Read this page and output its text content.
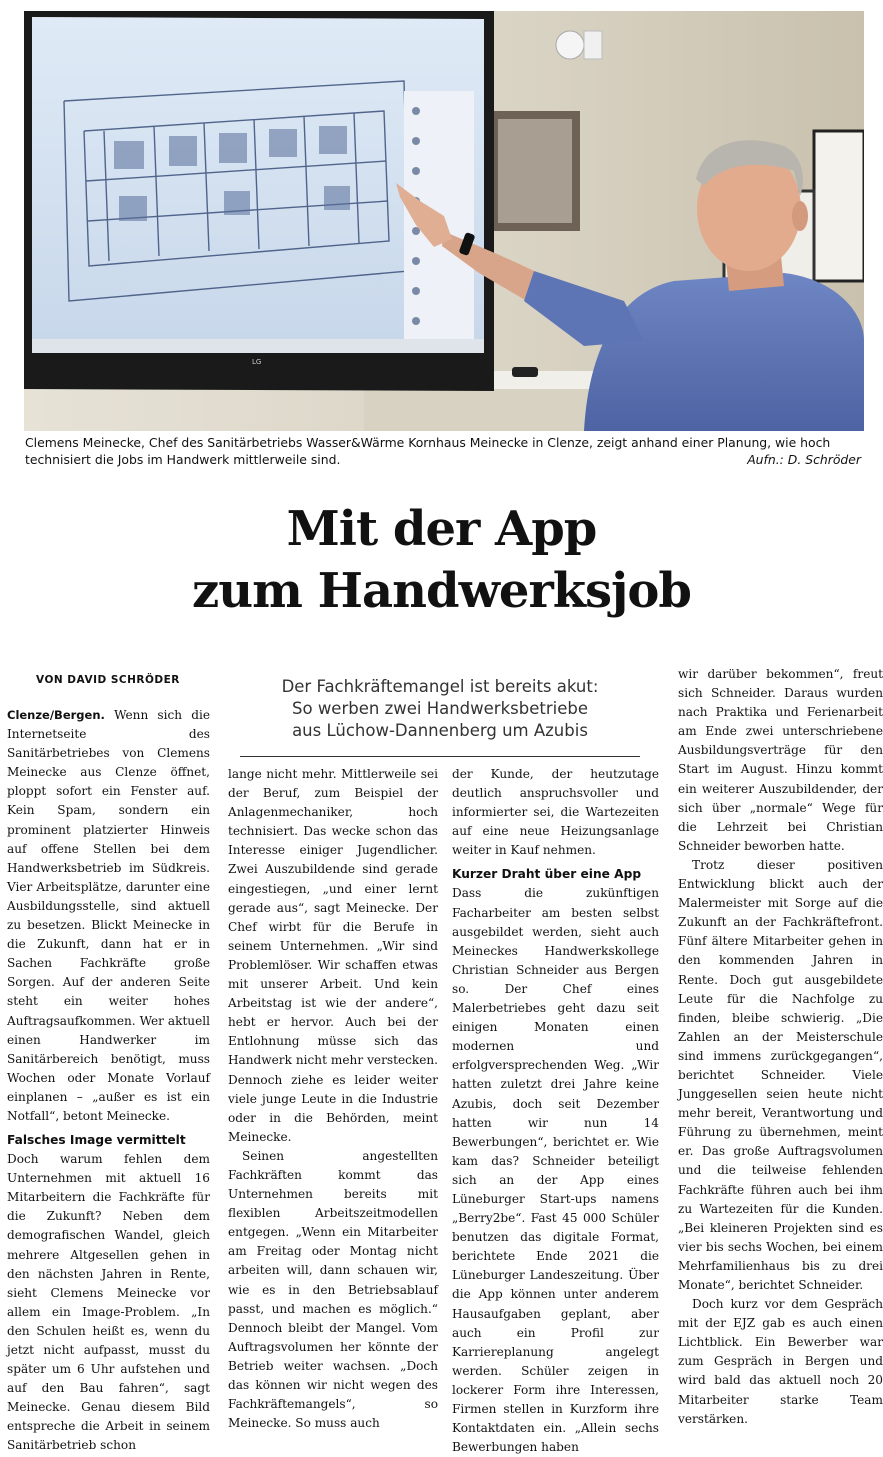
LG
Clemens Meinecke, Chef des Sanitärbetriebs Wasser&Wärme Kornhaus Meinecke in Clenze, zeigt anhand einer Planung, wie hoch technisiert die Jobs im Handwerk mittlerweile sind.	Aufn.: D. Schröder
Mit der App
zum Handwerksjob
VON DAVID SCHRÖDER	Der Fachkräftemangel ist bereits akut:
So werben zwei Handwerksbetriebe
aus Lüchow-Dannenberg um Azubis

Clenze/Bergen. Wenn sich die Internetseite des Sanitärbetriebes von Clemens Meinecke aus Clenze öffnet, ploppt sofort ein Fenster auf. Kein Spam, sondern ein prominent platzierter Hinweis auf offene Stellen bei dem Handwerksbetrieb im Südkreis. Vier Arbeitsplätze, darunter eine Ausbildungsstelle, sind aktuell zu besetzen. Blickt Meinecke in die Zukunft, dann hat er in Sachen Fachkräfte große Sorgen. Auf der anderen Seite steht ein weiter hohes Auftragsaufkommen. Wer aktuell einen Handwerker im Sanitärbereich benötigt, muss Wochen oder Monate Vorlauf einplanen – „außer es ist ein Notfall“, betont Meinecke.

Falsches Image vermittelt

Doch warum fehlen dem Unternehmen mit aktuell 16 Mitarbeitern die Fachkräfte für die Zukunft? Neben dem demografischen Wandel, gleich mehrere Altgesellen gehen in den nächsten Jahren in Rente, sieht Clemens Meinecke vor allem ein Image-Problem. „In den Schulen heißt es, wenn du jetzt nicht aufpasst, musst du später um 6 Uhr aufstehen und auf den Bau fahren“, sagt Meinecke. Genau diesem Bild entspreche die Arbeit in seinem Sanitärbetrieb schon

lange nicht mehr. Mittlerweile sei der Beruf, zum Beispiel der Anlagenmechaniker, hoch technisiert. Das wecke schon das Interesse einiger Jugendlicher. Zwei Auszubildende sind gerade eingestiegen, „und einer lernt gerade aus“, sagt Meinecke. Der Chef wirbt für die Berufe in seinem Unternehmen. „Wir sind Problemlöser. Wir schaffen etwas mit unserer Arbeit. Und kein Arbeitstag ist wie der andere“, hebt er hervor. Auch bei der Entlohnung müsse sich das Handwerk nicht mehr verstecken. Dennoch ziehe es leider weiter viele junge Leute in die Industrie oder in die Behörden, meint Meinecke.

Seinen angestellten Fachkräften kommt das Unternehmen bereits mit flexiblen Arbeitszeitmodellen entgegen. „Wenn ein Mitarbeiter am Freitag oder Montag nicht arbeiten will, dann schauen wir, wie es in den Betriebsablauf passt, und machen es möglich.“ Dennoch bleibt der Mangel. Vom Auftragsvolumen her könnte der Betrieb weiter wachsen. „Doch das können wir nicht wegen des Fachkräftemangels“, so Meinecke. So muss auch

der Kunde, der heutzutage deutlich anspruchsvoller und informierter sei, die Wartezeiten auf eine neue Heizungsanlage weiter in Kauf nehmen.

Kurzer Draht über eine App

Dass die zukünftigen Facharbeiter am besten selbst ausgebildet werden, sieht auch Meineckes Handwerkskollege Christian Schneider aus Bergen so. Der Chef eines Malerbetriebes geht dazu seit einigen Monaten einen modernen und erfolgversprechenden Weg. „Wir hatten zuletzt drei Jahre keine Azubis, doch seit Dezember hatten wir nun 14 Bewerbungen“, berichtet er. Wie kam das? Schneider beteiligt sich an der App eines Lüneburger Start-ups namens „Berry2be“. Fast 45 000 Schüler benutzen das digitale Format, berichtete Ende 2021 die Lüneburger Landeszeitung. Über die App können unter anderem Hausaufgaben geplant, aber auch ein Profil zur Karriereplanung angelegt werden. Schüler zeigen in lockerer Form ihre Interessen, Firmen stellen in Kurzform ihre Kontaktdaten ein. „Allein sechs Bewerbungen haben

wir darüber bekommen“, freut sich Schneider. Daraus wurden nach Praktika und Ferienarbeit am Ende zwei unterschriebene Ausbildungsverträge für den Start im August. Hinzu kommt ein weiterer Auszubildender, der sich über „normale“ Wege für die Lehrzeit bei Christian Schneider beworben hatte.

Trotz dieser positiven Entwicklung blickt auch der Malermeister mit Sorge auf die Zukunft an der Fachkräftefront. Fünf ältere Mitarbeiter gehen in den kommenden Jahren in Rente. Doch gut ausgebildete Leute für die Nachfolge zu finden, bleibe schwierig. „Die Zahlen an der Meisterschule sind immens zurückgegangen“, berichtet Schneider. Viele Junggesellen seien heute nicht mehr bereit, Verantwortung und Führung zu übernehmen, meint er. Das große Auftragsvolumen und die teilweise fehlenden Fachkräfte führen auch bei ihm zu Wartezeiten für die Kunden. „Bei kleineren Projekten sind es vier bis sechs Wochen, bei einem Mehrfamilienhaus bis zu drei Monate“, berichtet Schneider.

Doch kurz vor dem Gespräch mit der EJZ gab es auch einen Lichtblick. Ein Bewerber war zum Gespräch in Bergen und wird bald das aktuell noch 20 Mitarbeiter starke Team verstärken.
